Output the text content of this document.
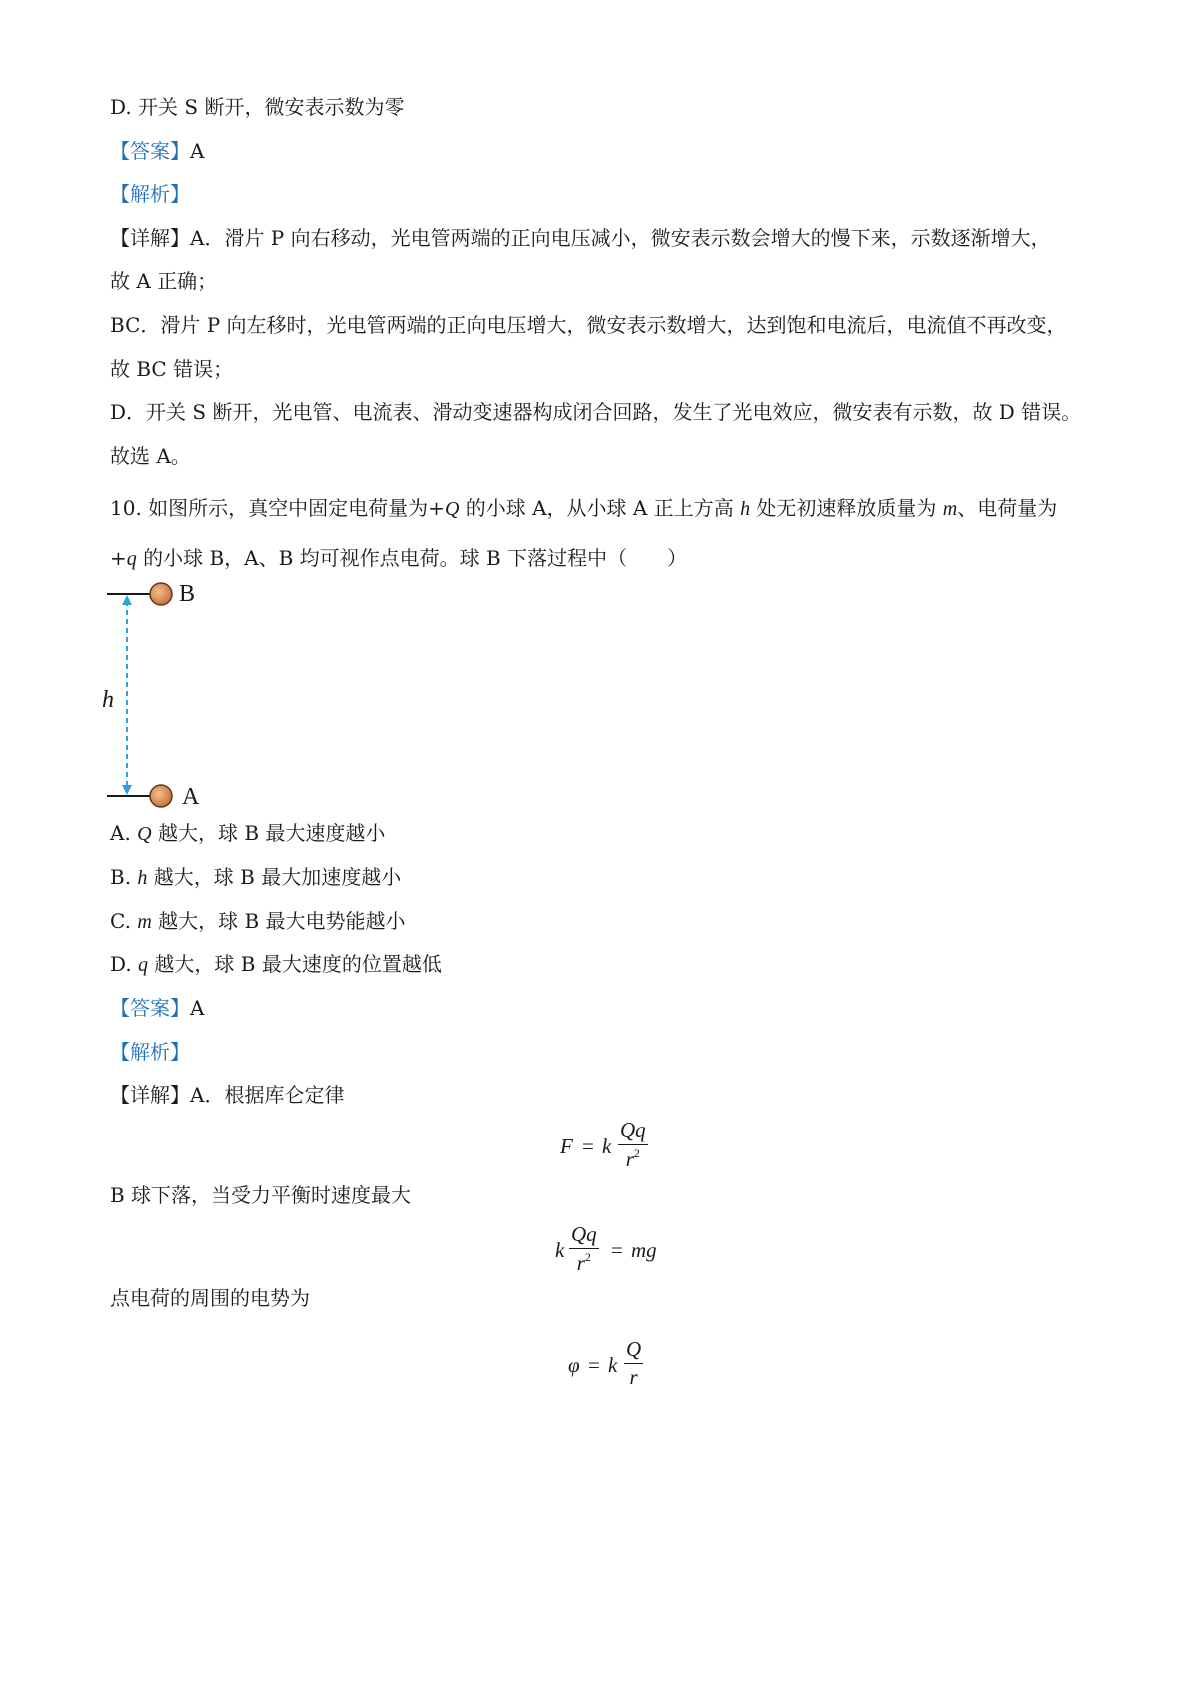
D. 开关 S 断开，微安表示数为零
【答案】A
【解析】
【详解】A．滑片 P 向右移动，光电管两端的正向电压减小，微安表示数会增大的慢下来，示数逐渐增大，
故 A 正确；
BC．滑片 P 向左移时，光电管两端的正向电压增大，微安表示数增大，达到饱和电流后，电流值不再改变，
故 BC 错误；
D．开关 S 断开，光电管、电流表、滑动变速器构成闭合回路，发生了光电效应，微安表有示数，故 D 错误。
故选 A。
10. 如图所示，真空中固定电荷量为+Q 的小球 A，从小球 A 正上方高 h 处无初速释放质量为 m、电荷量为
+q 的小球 B，A、B 均可视作点电荷。球 B 下落过程中（　　）
B
A
h
A. Q 越大，球 B 最大速度越小
B. h 越大，球 B 最大加速度越小
C. m 越大，球 B 最大电势能越小
D. q 越大，球 B 最大速度的位置越低
【答案】A
【解析】
【详解】A．根据库仑定律
F = k
Qq
$r^2$
B 球下落，当受力平衡时速度最大
k
Qq
$r^2$ = mg
点电荷的周围的电势为
φ = k
Q
r
